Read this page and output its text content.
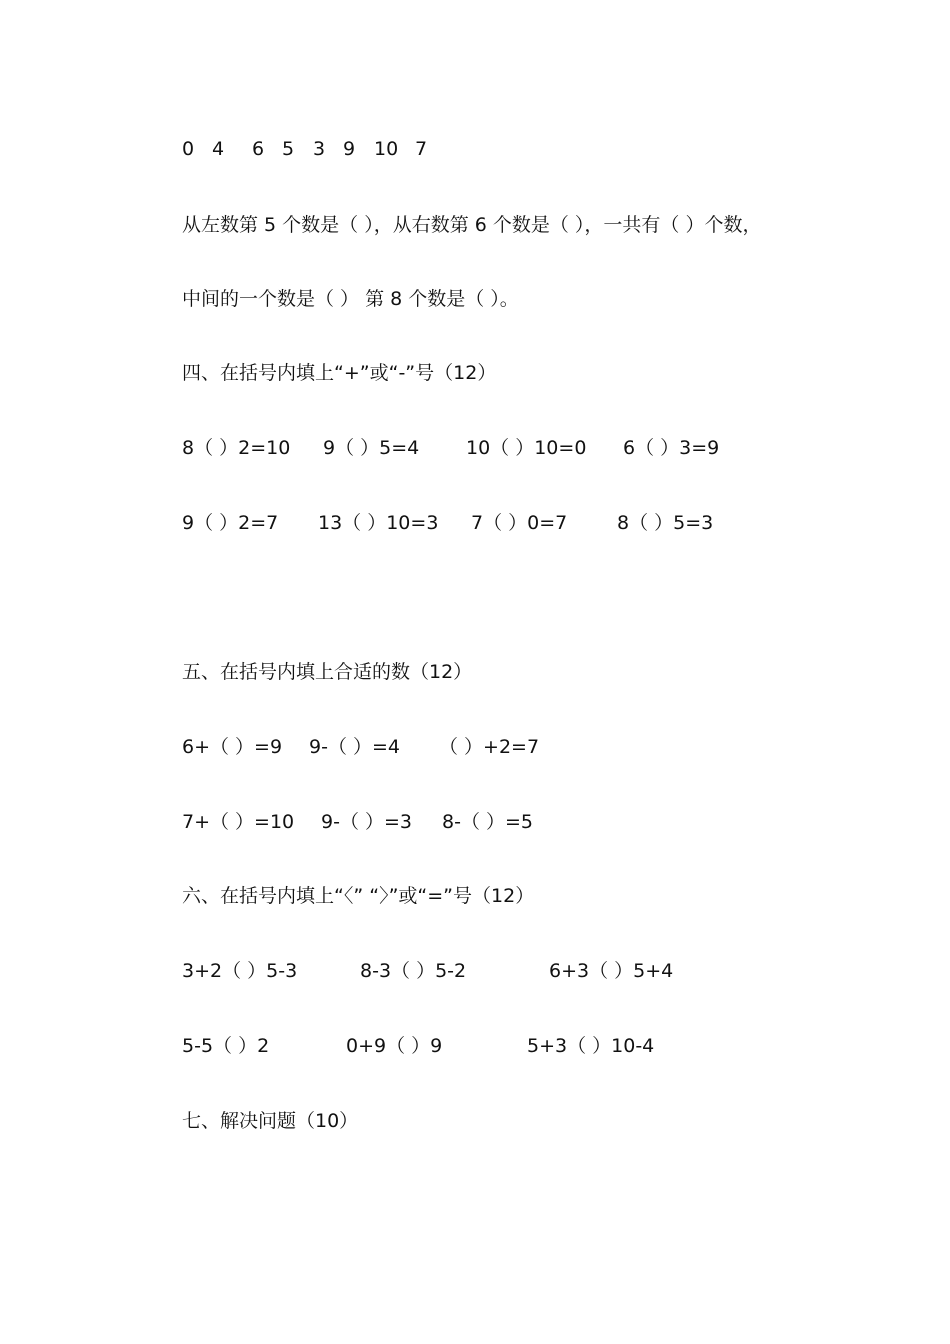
0 4 6 5 3 9 10 7
从左数第 5 个数是（ ），从右数第 6 个数是（ ），一共有（ ）个数，
中间的一个数是（ ） 第 8 个数是（ ）。
四、在括号内填上“+”或“-”号（12）
8（ ）2=10 9（ ）5=4 10（ ）10=0 6（ ）3=9
9（ ）2=7 13（ ）10=3 7（ ）0=7	8（ ）5=3
五、在括号内填上合适的数（12）
6+（ ）=9 9-（ ）=4 （ ）+2=7
7+（ ）=10 9-（ ）=3 8-（ ）=5
六、在括号内填上“〈” “〉”或“=”号（12）
3+2（ ）5-3	8-3（ ）5-2	6+3（ ）5+4
5-5（ ）2	0+9（ ）9	5+3（ ）10-4
七、解决问题（10）
